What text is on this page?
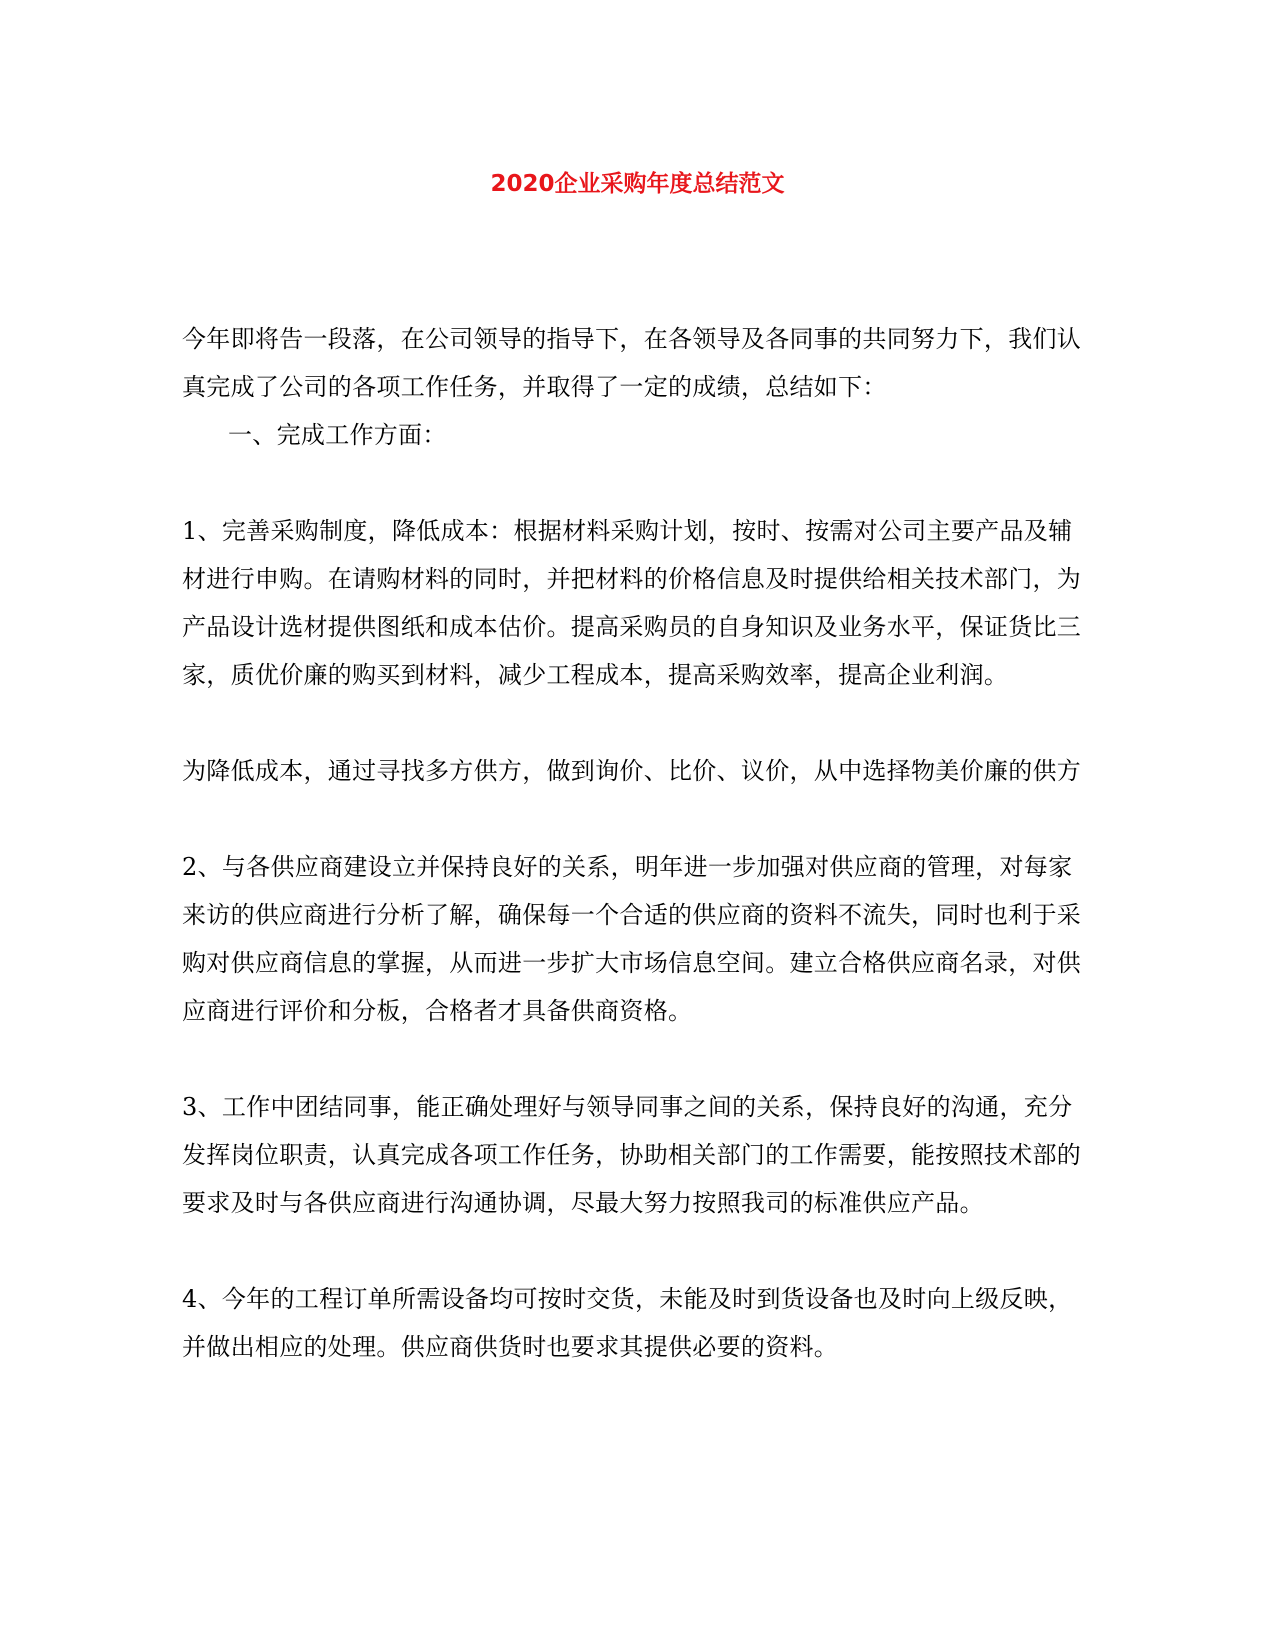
2020企业采购年度总结范文

今年即将告一段落，在公司领导的指导下，在各领导及各同事的共同努力下，我们认真完成了公司的各项工作任务，并取得了一定的成绩，总结如下：

一、完成工作方面：

1、完善采购制度，降低成本：根据材料采购计划，按时、按需对公司主要产品及辅材进行申购。在请购材料的同时，并把材料的价格信息及时提供给相关技术部门，为产品设计选材提供图纸和成本估价。提高采购员的自身知识及业务水平，保证货比三家，质优价廉的购买到材料，减少工程成本，提高采购效率，提高企业利润。

为降低成本，通过寻找多方供方，做到询价、比价、议价，从中选择物美价廉的供方

2、与各供应商建设立并保持良好的关系，明年进一步加强对供应商的管理，对每家来访的供应商进行分析了解，确保每一个合适的供应商的资料不流失，同时也利于采购对供应商信息的掌握，从而进一步扩大市场信息空间。建立合格供应商名录，对供应商进行评价和分板，合格者才具备供商资格。

3、工作中团结同事，能正确处理好与领导同事之间的关系，保持良好的沟通，充分发挥岗位职责，认真完成各项工作任务，协助相关部门的工作需要，能按照技术部的要求及时与各供应商进行沟通协调，尽最大努力按照我司的标准供应产品。

4、今年的工程订单所需设备均可按时交货，未能及时到货设备也及时向上级反映，并做出相应的处理。供应商供货时也要求其提供必要的资料。
